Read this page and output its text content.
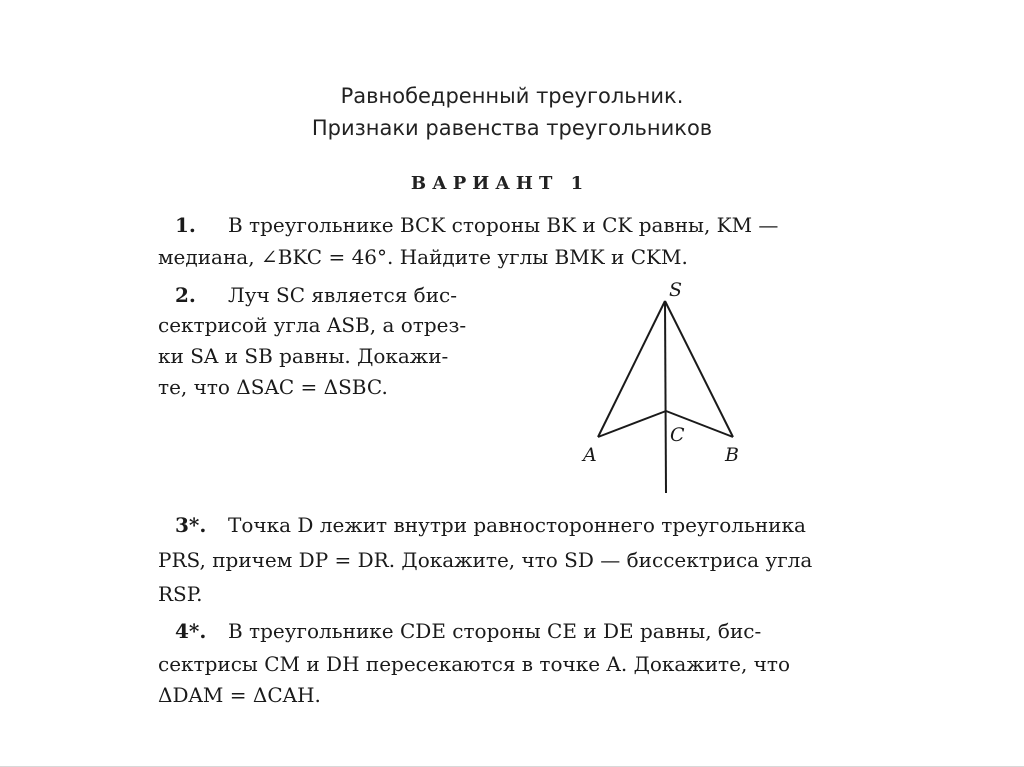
Равнобедренный треугольник.
Признаки равенства треугольников
ВАРИАНТ 1
1. В треугольнике BCK стороны BK и CK равны, KM —
медиана, ∠BKC = 46°. Найдите углы BMK и CKM.
2. Луч SC является бис-
сектрисой угла ASB, а отрез-
ки SA и SB равны. Докажи-
те, что ΔSAC = ΔSBC.
S
A	B
C
3*. Точка D лежит внутри равностороннего треугольника
PRS, причем DP = DR. Докажите, что SD — биссектриса угла
RSP.
4*. В треугольнике CDE стороны CE и DE равны, бис-
сектрисы CM и DH пересекаются в точке A. Докажите, что
ΔDAM = ΔCAH.
